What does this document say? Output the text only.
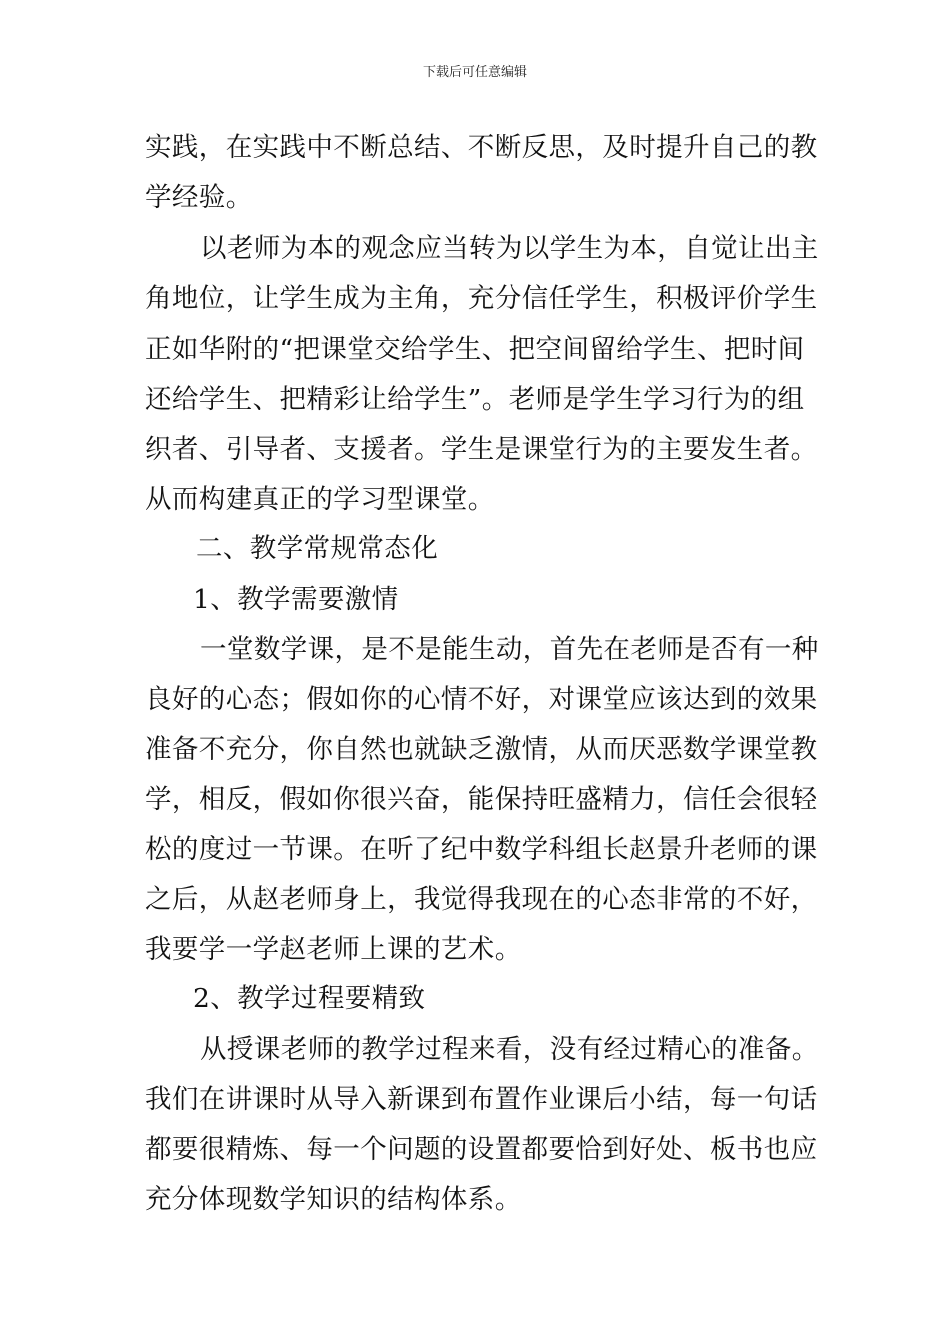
下载后可任意编辑
实践，在实践中不断总结、不断反思，及时提升自己的教
学经验。
以老师为本的观念应当转为以学生为本，自觉让出主
角地位，让学生成为主角，充分信任学生，积极评价学生
正如华附的“把课堂交给学生、把空间留给学生、把时间
还给学生、把精彩让给学生”。老师是学生学习行为的组
织者、引导者、支援者。学生是课堂行为的主要发生者。
从而构建真正的学习型课堂。
二、教学常规常态化
1、教学需要激情
一堂数学课，是不是能生动，首先在老师是否有一种
良好的心态；假如你的心情不好，对课堂应该达到的效果
准备不充分，你自然也就缺乏激情，从而厌恶数学课堂教
学，相反，假如你很兴奋，能保持旺盛精力，信任会很轻
松的度过一节课。在听了纪中数学科组长赵景升老师的课
之后，从赵老师身上，我觉得我现在的心态非常的不好，
我要学一学赵老师上课的艺术。
2、教学过程要精致
从授课老师的教学过程来看，没有经过精心的准备。
我们在讲课时从导入新课到布置作业课后小结，每一句话
都要很精炼、每一个问题的设置都要恰到好处、板书也应
充分体现数学知识的结构体系。
